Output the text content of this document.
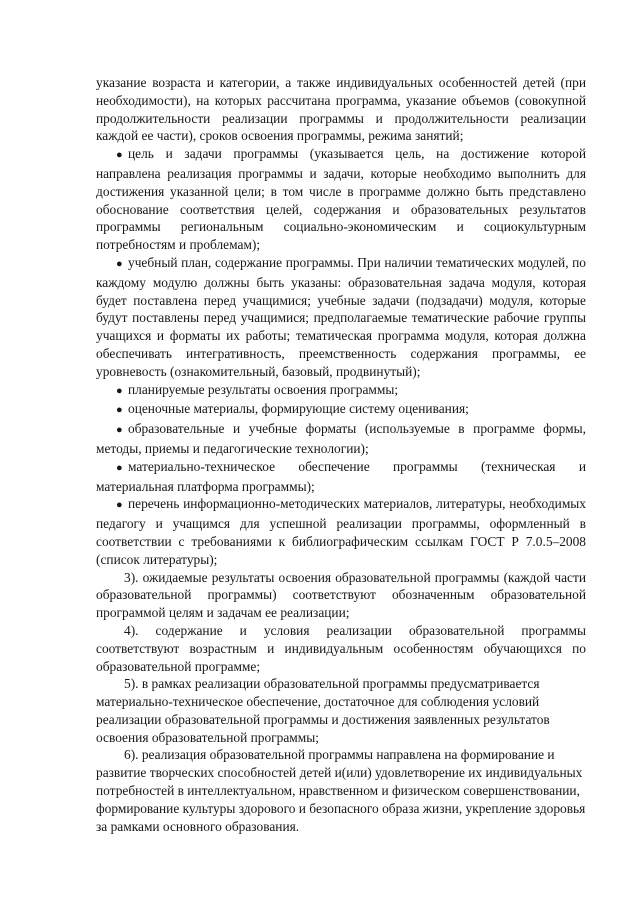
указание возраста и категории, а также индивидуальных особенностей детей (при необходимости), на которых рассчитана программа, указание объемов (совокупной продолжительности реализации программы и продолжительности реализации каждой ее части), сроков освоения программы, режима занятий;

● цель и задачи программы (указывается цель, на достижение которой направлена реализация программы и задачи, которые необходимо выполнить для достижения указанной цели; в том числе в программе должно быть представлено обоснование соответствия целей, содержания и образовательных результатов программы региональным социально-экономическим и социокультурным потребностям и проблемам);

● учебный план, содержание программы. При наличии тематических модулей, по каждому модулю должны быть указаны: образовательная задача модуля, которая будет поставлена перед учащимися; учебные задачи (подзадачи) модуля, которые будут поставлены перед учащимися; предполагаемые тематические рабочие группы учащихся и форматы их работы; тематическая программа модуля, которая должна обеспечивать интегративность, преемственность содержания программы, ее уровневость (ознакомительный, базовый, продвинутый);

● планируемые результаты освоения программы;

● оценочные материалы, формирующие систему оценивания;

● образовательные и учебные форматы (используемые в программе формы, методы, приемы и педагогические технологии);

● материально-техническое обеспечение программы (техническая и материальная платформа программы);

● перечень информационно-методических материалов, литературы, необходимых педагогу и учащимся для успешной реализации программы, оформленный в соответствии с требованиями к библиографическим ссылкам ГОСТ Р 7.0.5–2008 (список литературы);

3). ожидаемые результаты освоения образовательной программы (каждой части образовательной программы) соответствуют обозначенным образовательной программой целям и задачам ее реализации;

4). содержание и условия реализации образовательной программы соответствуют возрастным и индивидуальным особенностям обучающихся по образовательной программе;

5). в рамках реализации образовательной программы предусматривается материально-техническое обеспечение, достаточное для соблюдения условий реализации образовательной программы и достижения заявленных результатов освоения образовательной программы;

6). реализация образовательной программы направлена на формирование и развитие творческих способностей детей и(или) удовлетворение их индивидуальных потребностей в интеллектуальном, нравственном и физическом совершенствовании, формирование культуры здорового и безопасного образа жизни, укрепление здоровья за рамками основного образования.
